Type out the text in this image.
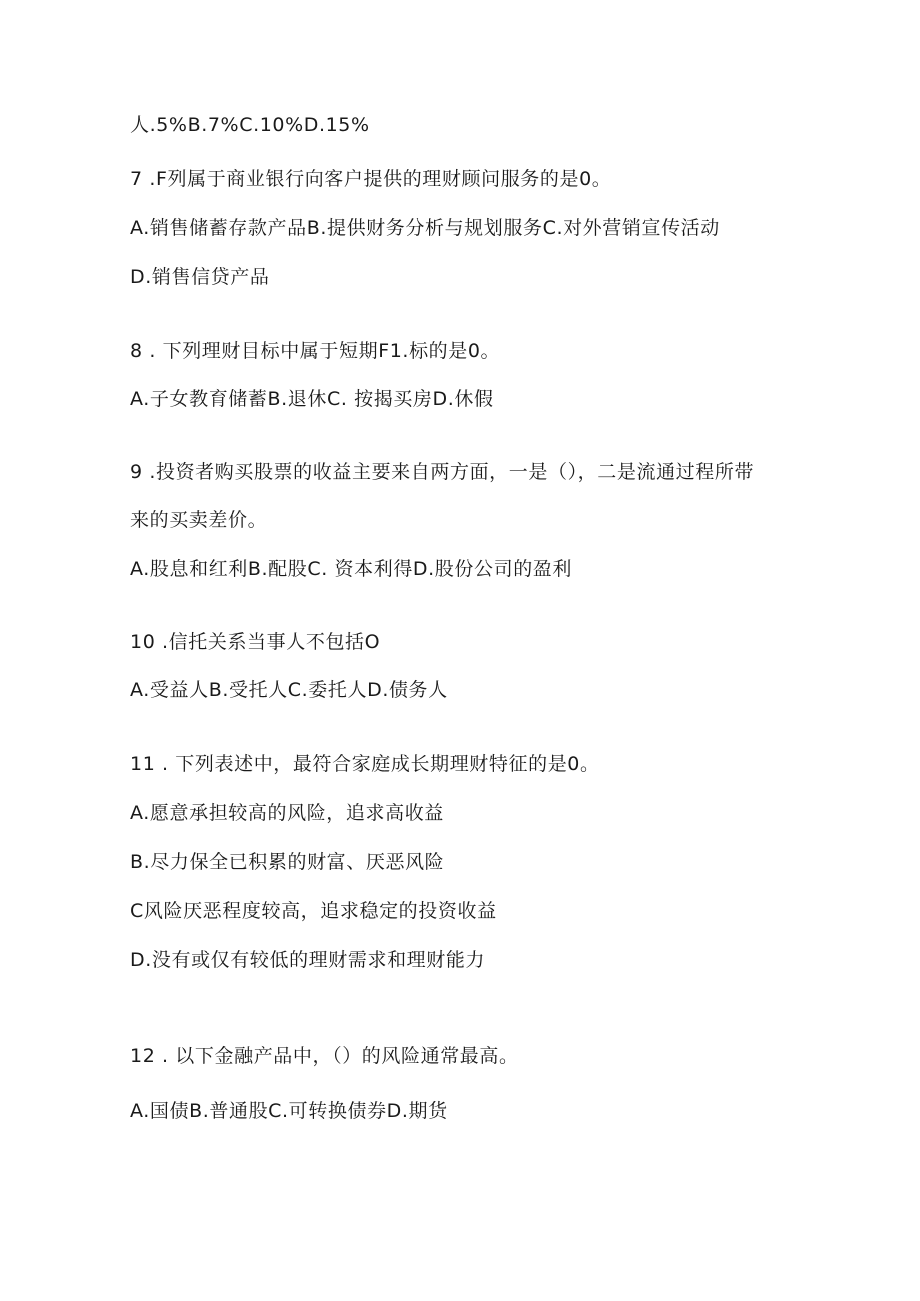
人.5%B.7%C.10%D.15%
7 .F列属于商业银行向客户提供的理财顾问服务的是0。
A.销售储蓄存款产品B.提供财务分析与规划服务C.对外营销宣传活动
D.销售信贷产品
8 . 下列理财目标中属于短期F1.标的是0。
A.子女教育储蓄B.退休C. 按揭买房D.休假
9 .投资者购买股票的收益主要来自两方面，一是（），二是流通过程所带
来的买卖差价。
A.股息和红利B.配股C. 资本利得D.股份公司的盈利
10 .信托关系当事人不包括O
A.受益人B.受托人C.委托人D.债务人
11 . 下列表述中，最符合家庭成长期理财特征的是0。
A.愿意承担较高的风险，追求高收益
B.尽力保全已积累的财富、厌恶风险
C风险厌恶程度较高，追求稳定的投资收益
D.没有或仅有较低的理财需求和理财能力
12 . 以下金融产品中，（）的风险通常最高。
A.国债B.普通股C.可转换债券D.期货
